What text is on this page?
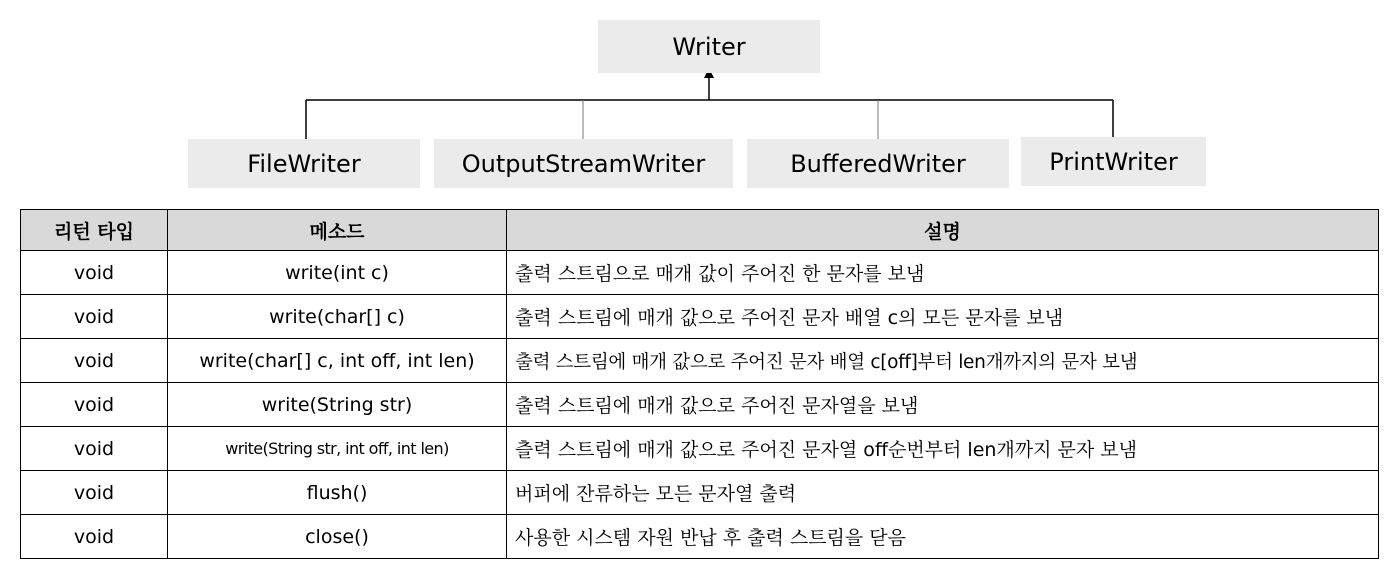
Writer
FileWriter	OutputStreamWriter	BufferedWriter	PrintWriter
리턴 타입	메소드	설명
void	write(int c)	출력 스트림으로 매개 값이 주어진 한 문자를 보냄
void	write(char[] c)	출력 스트림에 매개 값으로 주어진 문자 배열 c의 모든 문자를 보냄
void	write(char[] c, int off, int len)	출력 스트림에 매개 값으로 주어진 문자 배열 c[off]부터 len개까지의 문자 보냄
void	write(String str)	출력 스트림에 매개 값으로 주어진 문자열을 보냄
void	write(String str, int off, int len)	츨력 스트림에 매개 값으로 주어진 문자열 off순번부터 len개까지 문자 보냄
void	flush()	버퍼에 잔류하는 모든 문자열 출력
void	close()	사용한 시스템 자원 반납 후 출력 스트림을 닫음
